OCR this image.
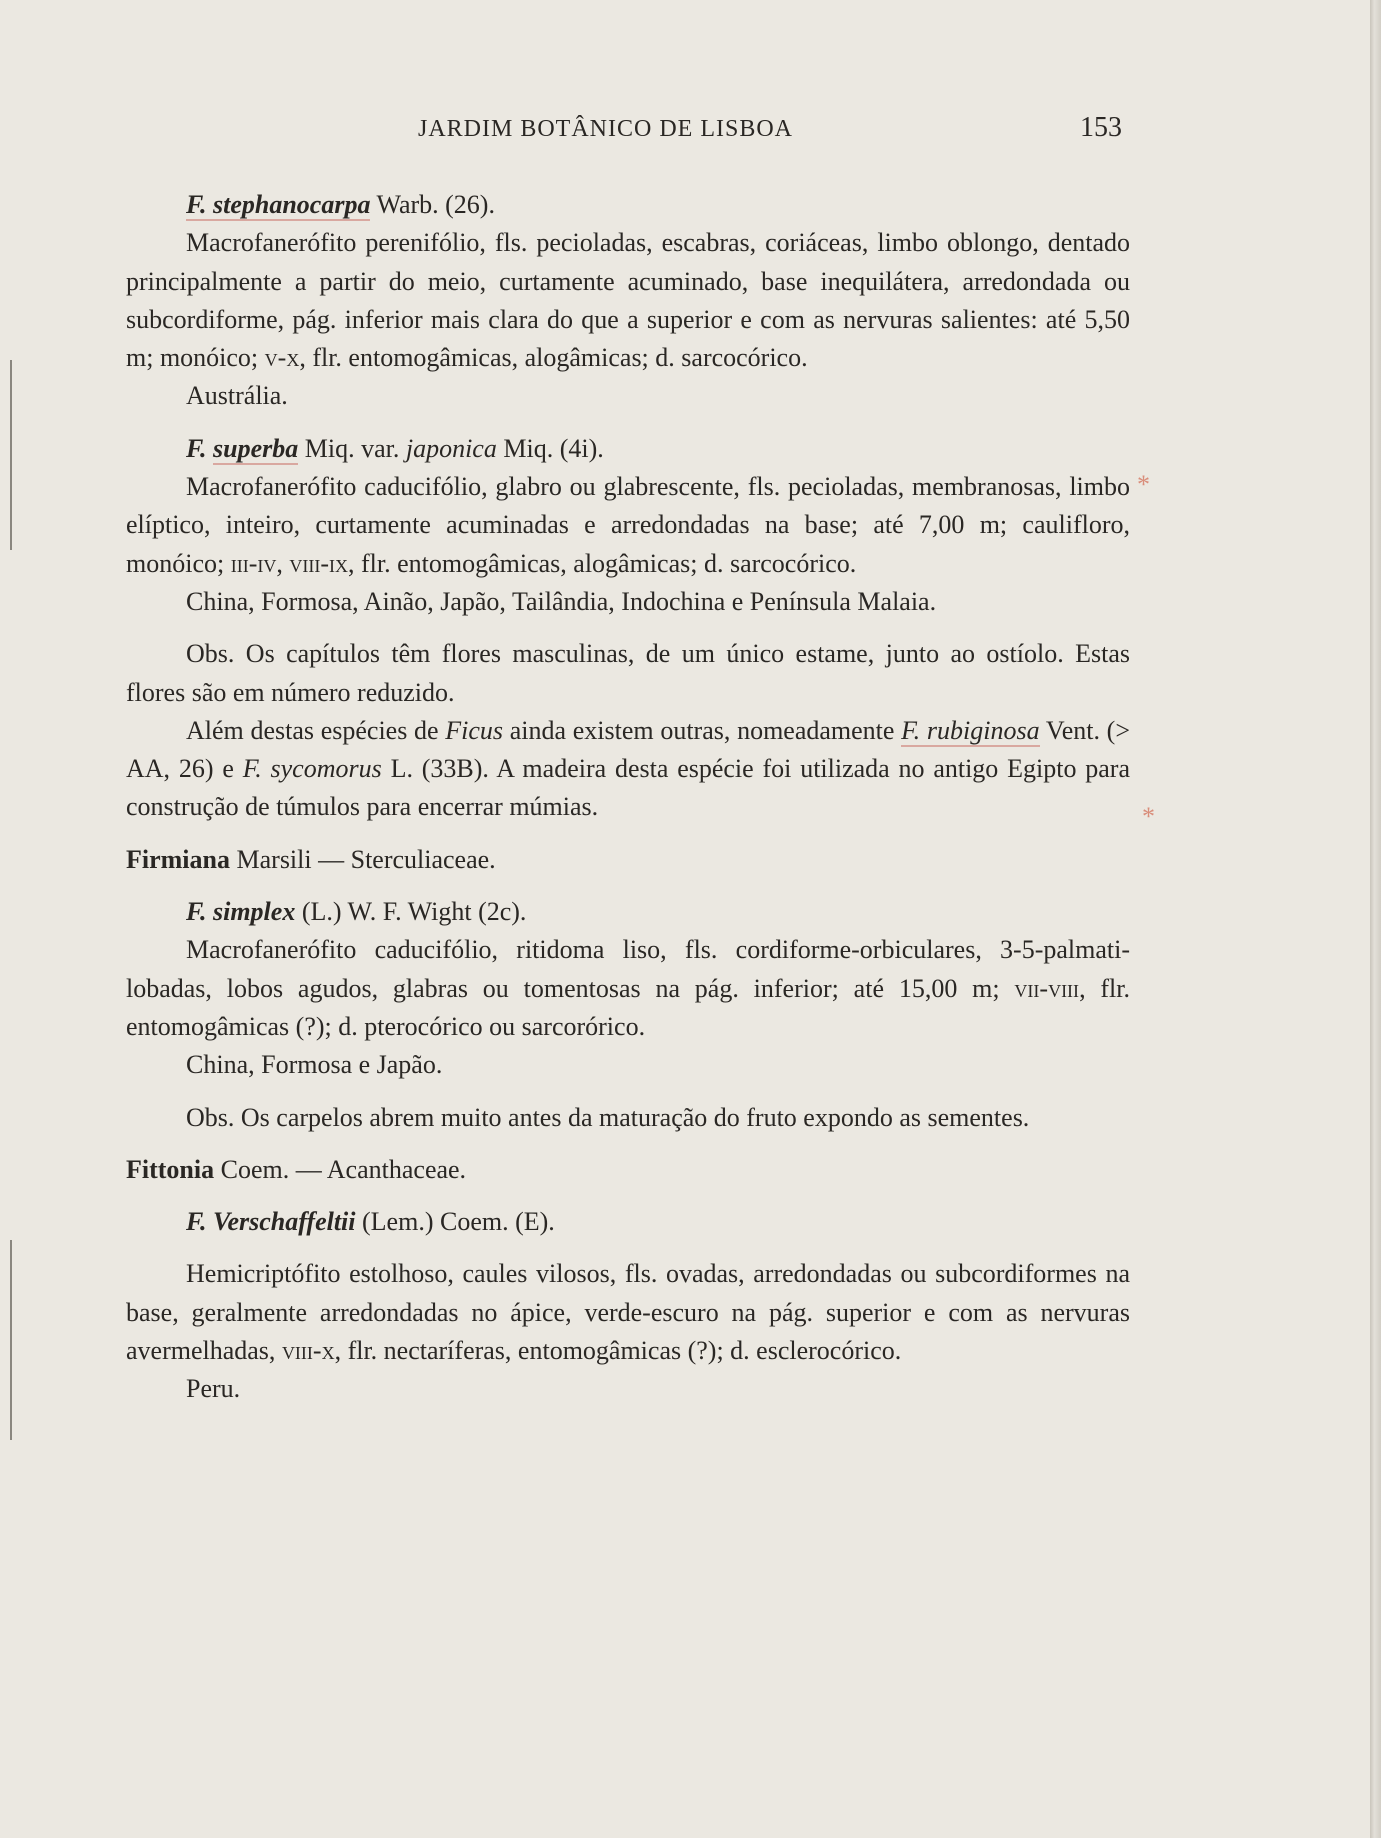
JARDIM BOTÂNICO DE LISBOA	153
*
*

F. stephanocarpa Warb. (26).

Macrofanerófito perenifólio, fls. pecioladas, escabras, coriáceas, limbo oblongo, dentado principalmente a partir do meio, curtamente acuminado, base inequilátera, arredondada ou subcordiforme, pág. inferior mais clara do que a superior e com as nervuras salientes: até 5,50 m; monóico; v-x, flr. entomogâmicas, alogâmicas; d. sarcocórico.

Austrália.

F. superba Miq. var. japonica Miq. (4i).

Macrofanerófito caducifólio, glabro ou glabrescente, fls. pecioladas, membranosas, limbo elíptico, inteiro, curtamente acuminadas e arredondadas na base; até 7,00 m; caulifloro, monóico; iii-iv, viii-ix, flr. entomogâmicas, alogâmicas; d. sarcocórico.

China, Formosa, Ainão, Japão, Tailândia, Indochina e Península Malaia.

Obs. Os capítulos têm flores masculinas, de um único estame, junto ao ostíolo. Estas flores são em número reduzido.

Além destas espécies de Ficus ainda existem outras, nomeadamente F. rubiginosa Vent. (> AA, 26) e F. sycomorus L. (33B). A madeira desta espécie foi utilizada no antigo Egipto para construção de túmulos para encerrar múmias.

Firmiana Marsili — Sterculiaceae.

F. simplex (L.) W. F. Wight (2c).

Macrofanerófito caducifólio, ritidoma liso, fls. cordiforme-orbiculares, 3-5-palmati-lobadas, lobos agudos, glabras ou tomentosas na pág. inferior; até 15,00 m; vii-viii, flr. entomogâmicas (?); d. pterocórico ou sarcorórico.

China, Formosa e Japão.

Obs. Os carpelos abrem muito antes da maturação do fruto expondo as sementes.

Fittonia Coem. — Acanthaceae.

F. Verschaffeltii (Lem.) Coem. (E).

Hemicriptófito estolhoso, caules vilosos, fls. ovadas, arredondadas ou subcordiformes na base, geralmente arredondadas no ápice, verde-escuro na pág. superior e com as nervuras avermelhadas, viii-x, flr. nectaríferas, entomogâmicas (?); d. esclerocórico.

Peru.
